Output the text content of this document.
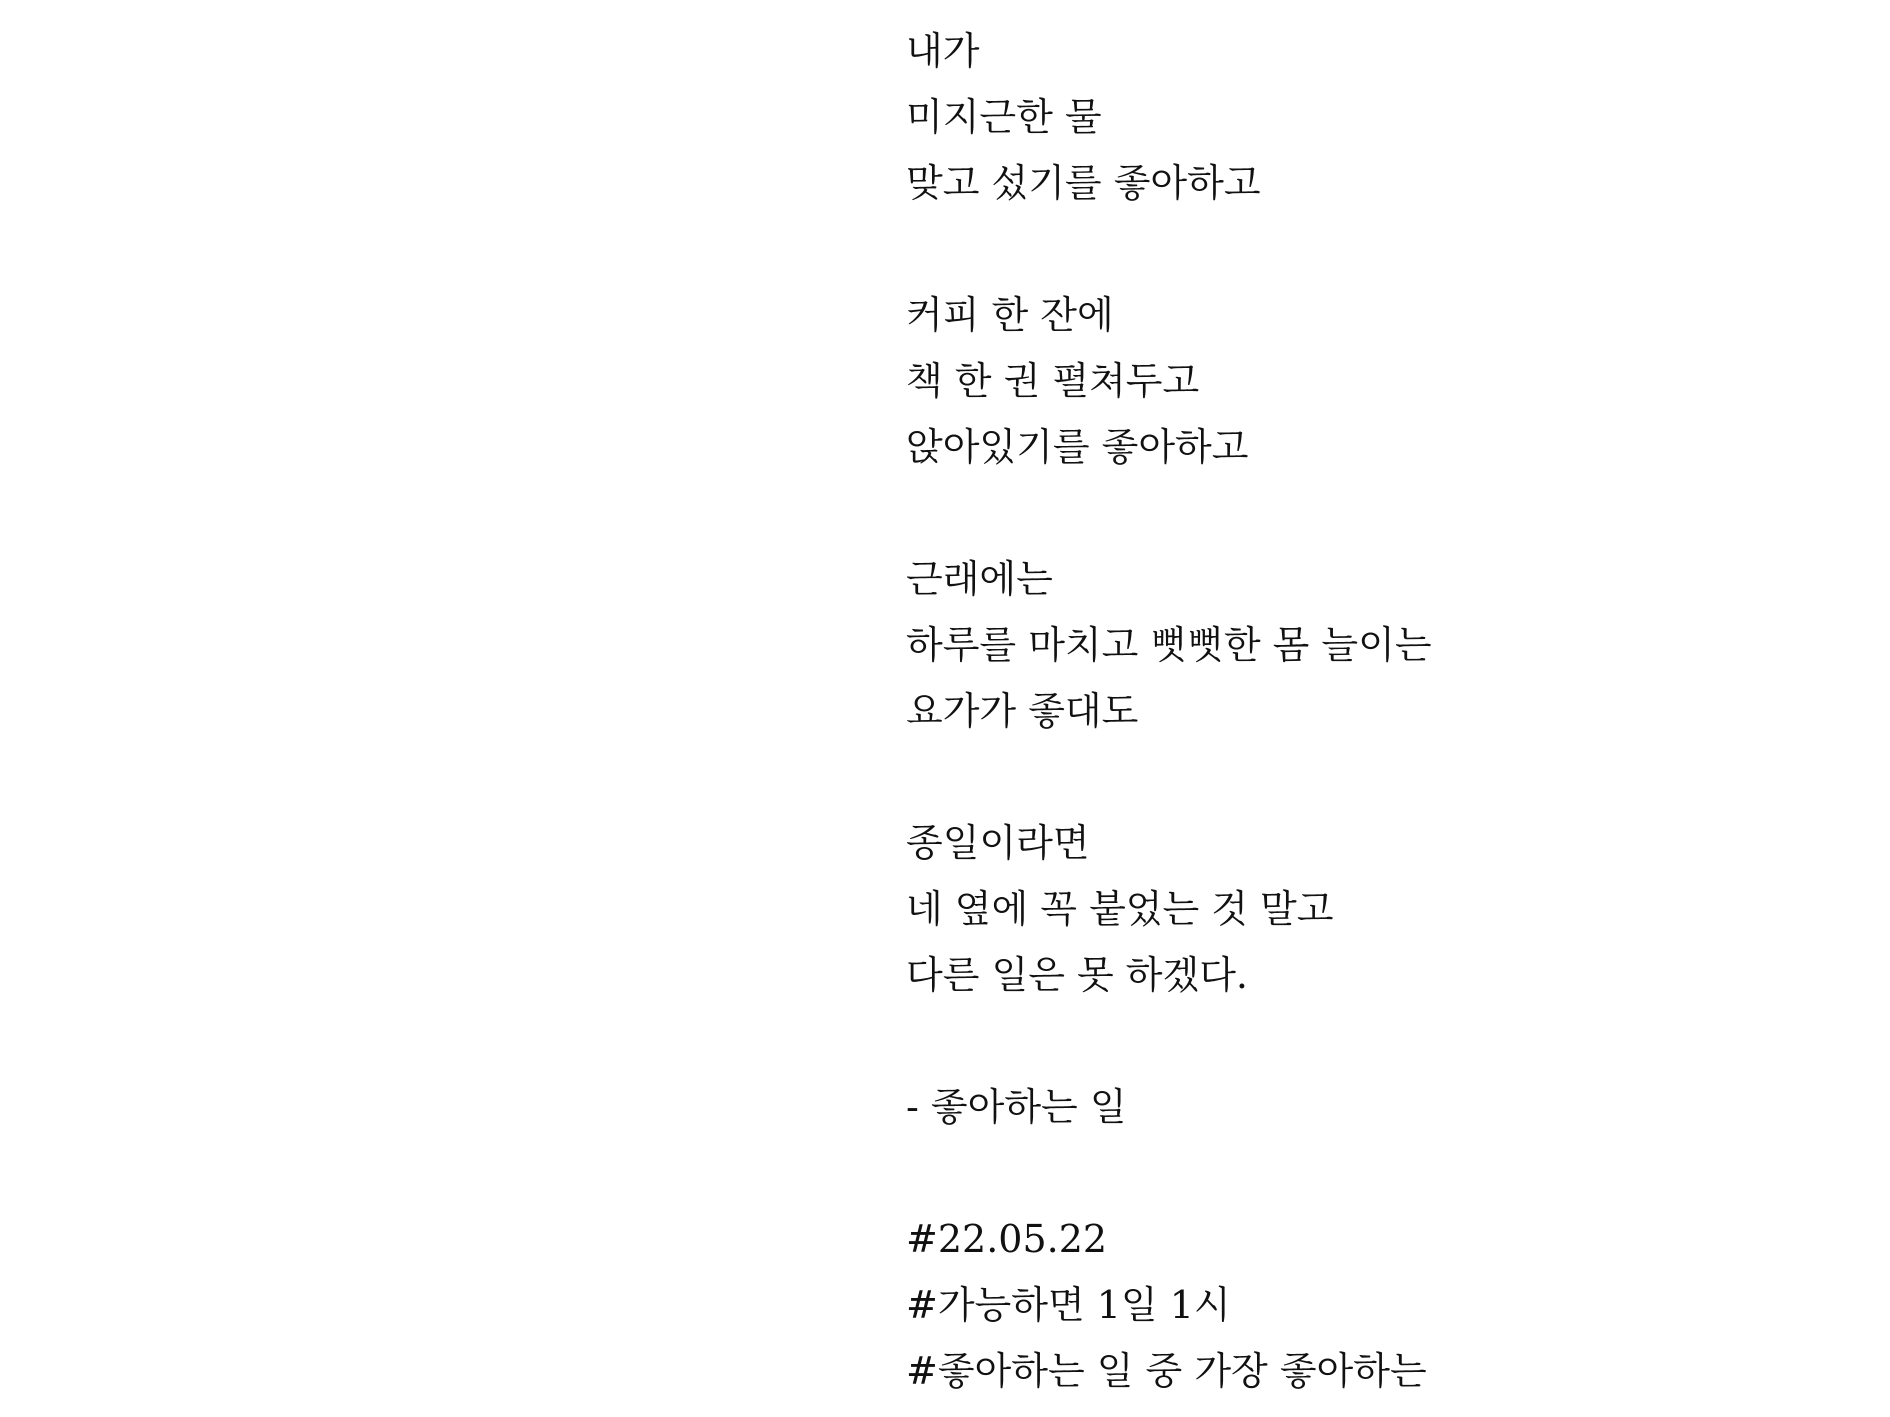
내가
미지근한 물
맞고 섰기를 좋아하고
커피 한 잔에
책 한 권 펼쳐두고
앉아있기를 좋아하고
근래에는
하루를 마치고 뻣뻣한 몸 늘이는
요가가 좋대도
종일이라면
네 옆에 꼭 붙었는 것 말고
다른 일은 못 하겠다.
- 좋아하는 일
#22.05.22
#가능하면 1일 1시
#좋아하는 일 중 가장 좋아하는
